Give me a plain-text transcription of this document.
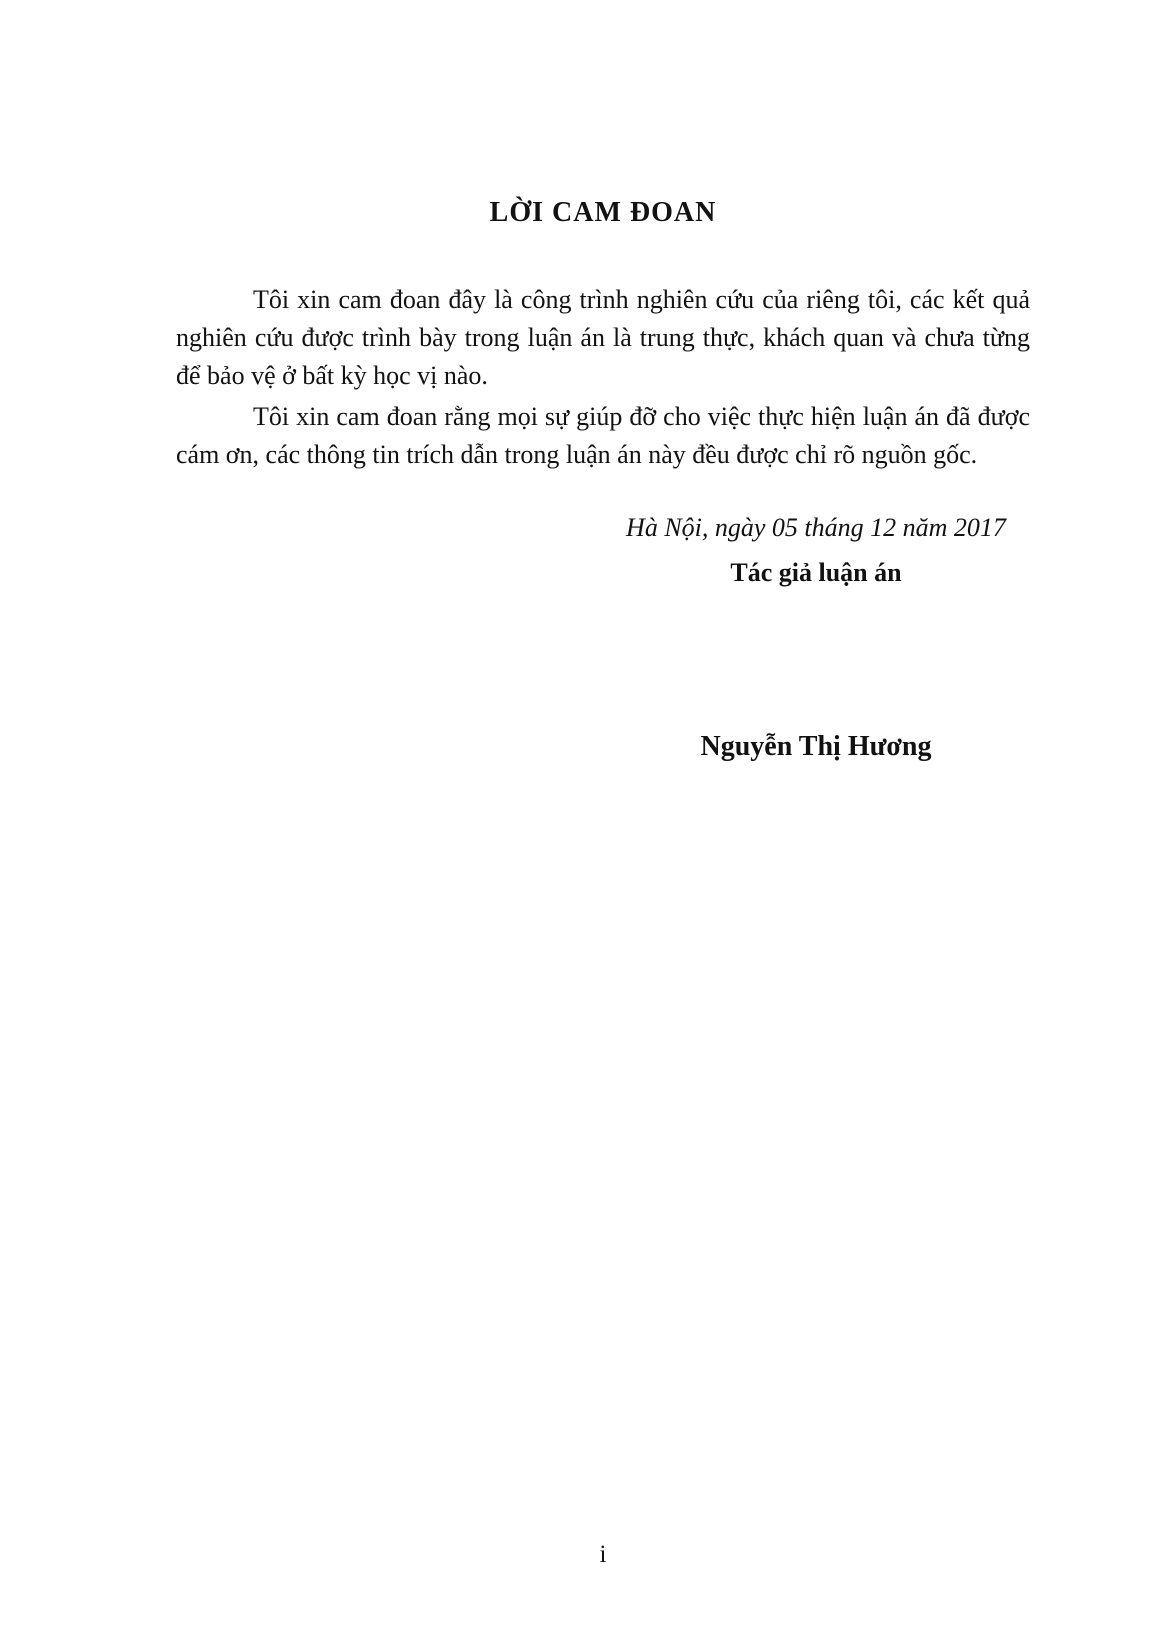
LỜI CAM ĐOAN

Tôi xin cam đoan đây là công trình nghiên cứu của riêng tôi, các kết quả nghiên cứu được trình bày trong luận án là trung thực, khách quan và chưa từng để bảo vệ ở bất kỳ học vị nào.

Tôi xin cam đoan rằng mọi sự giúp đỡ cho việc thực hiện luận án đã được cám ơn, các thông tin trích dẫn trong luận án này đều được chỉ rõ nguồn gốc.

Hà Nội, ngày 05 tháng 12 năm 2017

Tác giả luận án

Nguyễn Thị Hương

i
